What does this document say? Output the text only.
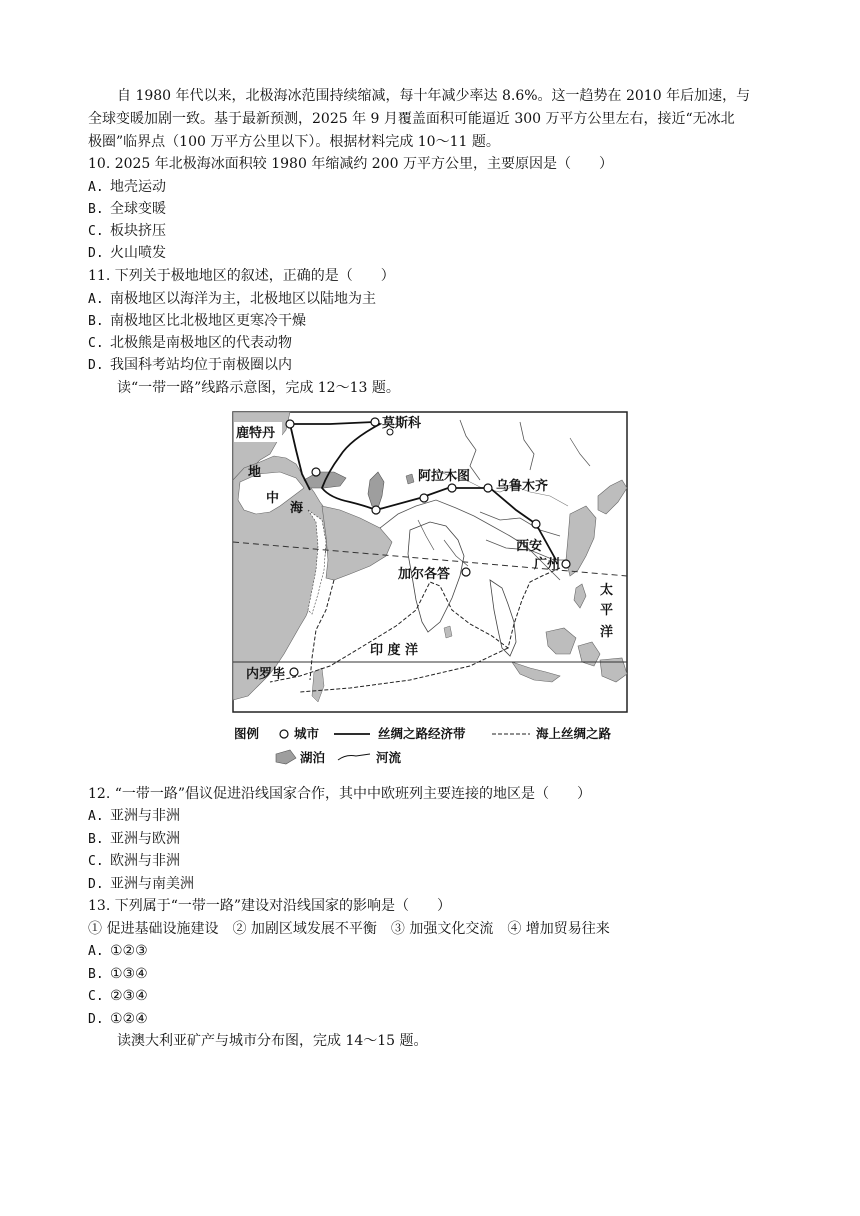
自 1980 年代以来，北极海冰范围持续缩减，每十年减少率达 8.6%。这一趋势在 2010 年后加速，与
全球变暖加剧一致。基于最新预测，2025 年 9 月覆盖面积可能逼近 300 万平方公里左右，接近“无冰北
极圈”临界点（100 万平方公里以下）。根据材料完成 10～11 题。
10. 2025 年北极海冰面积较 1980 年缩减约 200 万平方公里，主要原因是（　　）
A. 地壳运动
B. 全球变暖
C. 板块挤压
D. 火山喷发
11. 下列关于极地地区的叙述，正确的是（　　）
A. 南极地区以海洋为主，北极地区以陆地为主
B. 南极地区比北极地区更寒冷干燥
C. 北极熊是南极地区的代表动物
D. 我国科考站均位于南极圈以内
读“一带一路”线路示意图，完成 12～13 题。
鹿特丹
莫斯科
地
中
海
阿拉木图
乌鲁木齐
西安
广州
加尔各答
太
平
洋
印 度 洋
内罗毕
图例	城市	丝绸之路经济带	海上丝绸之路
湖泊	河流
12. “一带一路”倡议促进沿线国家合作，其中中欧班列主要连接的地区是（　　）
A. 亚洲与非洲
B. 亚洲与欧洲
C. 欧洲与非洲
D. 亚洲与南美洲
13. 下列属于“一带一路”建设对沿线国家的影响是（　　）
① 促进基础设施建设　② 加剧区域发展不平衡　③ 加强文化交流　④ 增加贸易往来
A. ①②③
B. ①③④
C. ②③④
D. ①②④
读澳大利亚矿产与城市分布图，完成 14～15 题。
